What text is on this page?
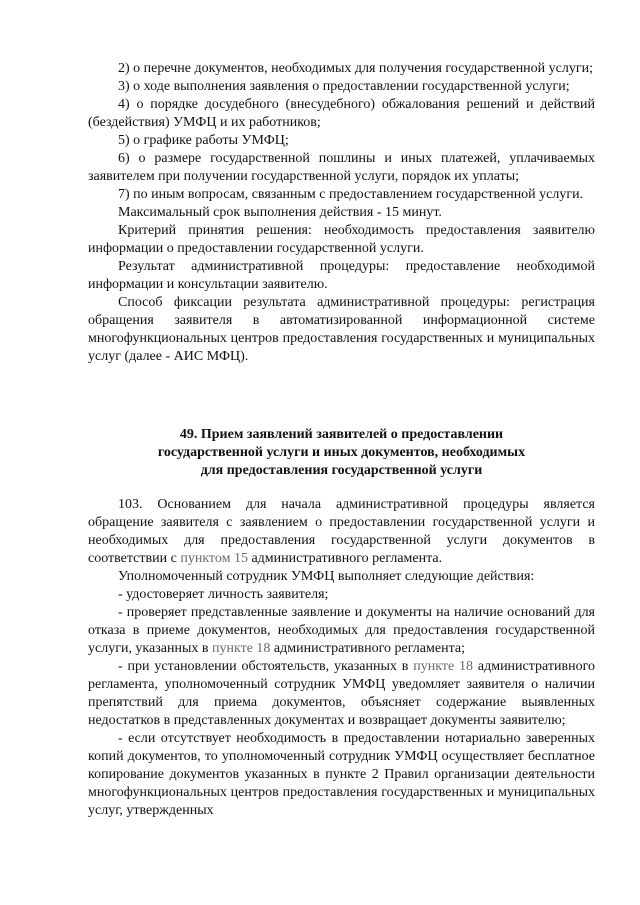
2) о перечне документов, необходимых для получения государственной услуги;

3) о ходе выполнения заявления о предоставлении государственной услуги;

4) о порядке досудебного (внесудебного) обжалования решений и действий (бездействия) УМФЦ и их работников;

5) о графике работы УМФЦ;

6) о размере государственной пошлины и иных платежей, уплачиваемых заявителем при получении государственной услуги, порядок их уплаты;

7) по иным вопросам, связанным с предоставлением государственной услуги.

Максимальный срок выполнения действия - 15 минут.

Критерий принятия решения: необходимость предоставления заявителю информации о предоставлении государственной услуги.

Результат административной процедуры: предоставление необходимой информации и консультации заявителю.

Способ фиксации результата административной процедуры: регистрация обращения заявителя в автоматизированной информационной системе многофункциональных центров предоставления государственных и муниципальных услуг (далее - АИС МФЦ).

49. Прием заявлений заявителей о предоставлении
государственной услуги и иных документов, необходимых
для предоставления государственной услуги

103. Основанием для начала административной процедуры является обращение заявителя с заявлением о предоставлении государственной услуги и необходимых для предоставления государственной услуги документов в соответствии с пунктом 15 административного регламента.

Уполномоченный сотрудник УМФЦ выполняет следующие действия:

- удостоверяет личность заявителя;

- проверяет представленные заявление и документы на наличие оснований для отказа в приеме документов, необходимых для предоставления государственной услуги, указанных в пункте 18 административного регламента;

- при установлении обстоятельств, указанных в пункте 18 административного регламента, уполномоченный сотрудник УМФЦ уведомляет заявителя о наличии препятствий для приема документов, объясняет содержание выявленных недостатков в представленных документах и возвращает документы заявителю;

- если отсутствует необходимость в предоставлении нотариально заверенных копий документов, то уполномоченный сотрудник УМФЦ осуществляет бесплатное копирование документов указанных в пункте 2 Правил организации деятельности многофункциональных центров предоставления государственных и муниципальных услуг, утвержденных
